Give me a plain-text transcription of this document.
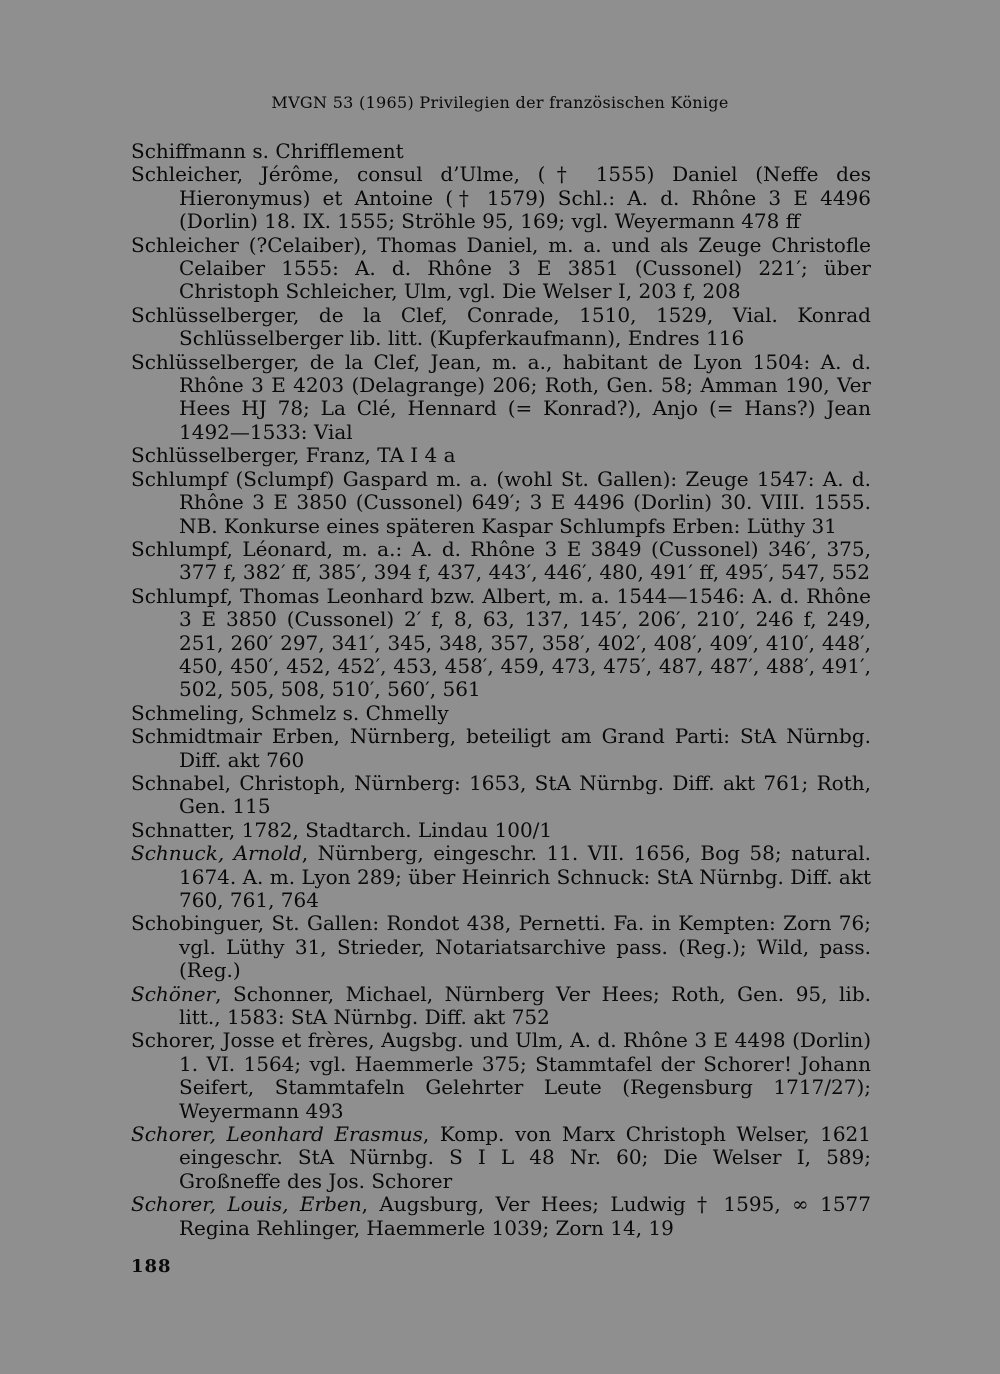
MVGN 53 (1965) Privilegien der französischen Könige

Schiffmann s. Chrifflement

Schleicher, Jérôme, consul d’Ulme, († 1555) Daniel (Neffe des Hieronymus) et Antoine († 1579) Schl.: A. d. Rhône 3 E 4496 (Dorlin) 18. IX. 1555; Ströhle 95, 169; vgl. Weyermann 478 ff

Schleicher (?Celaiber), Thomas Daniel, m. a. und als Zeuge Christofle Celaiber 1555: A. d. Rhône 3 E 3851 (Cussonel) 221′; über Christoph Schleicher, Ulm, vgl. Die Welser I, 203 f, 208

Schlüsselberger, de la Clef, Conrade, 1510, 1529, Vial. Konrad Schlüsselberger lib. litt. (Kupferkaufmann), Endres 116

Schlüsselberger, de la Clef, Jean, m. a., habitant de Lyon 1504: A. d. Rhône 3 E 4203 (Delagrange) 206; Roth, Gen. 58; Amman 190, Ver Hees HJ 78; La Clé, Hennard (= Konrad?), Anjo (= Hans?) Jean 1492—1533: Vial

Schlüsselberger, Franz, TA I 4 a

Schlumpf (Sclumpf) Gaspard m. a. (wohl St. Gallen): Zeuge 1547: A. d. Rhône 3 E 3850 (Cussonel) 649′; 3 E 4496 (Dorlin) 30. VIII. 1555. NB. Konkurse eines späteren Kaspar Schlumpfs Erben: Lüthy 31

Schlumpf, Léonard, m. a.: A. d. Rhône 3 E 3849 (Cussonel) 346′, 375, 377 f, 382′ ff, 385′, 394 f, 437, 443′, 446′, 480, 491′ ff, 495′, 547, 552

Schlumpf, Thomas Leonhard bzw. Albert, m. a. 1544—1546: A. d. Rhône 3 E 3850 (Cussonel) 2′ f, 8, 63, 137, 145′, 206′, 210′, 246 f, 249, 251, 260′ 297, 341′, 345, 348, 357, 358′, 402′, 408′, 409′, 410′, 448′, 450, 450′, 452, 452′, 453, 458′, 459, 473, 475′, 487, 487′, 488′, 491′, 502, 505, 508, 510′, 560′, 561

Schmeling, Schmelz s. Chmelly

Schmidtmair Erben, Nürnberg, beteiligt am Grand Parti: StA Nürnbg. Diff. akt 760

Schnabel, Christoph, Nürnberg: 1653, StA Nürnbg. Diff. akt 761; Roth, Gen. 115

Schnatter, 1782, Stadtarch. Lindau 100/1

Schnuck, Arnold, Nürnberg, eingeschr. 11. VII. 1656, Bog 58; natural. 1674. A. m. Lyon 289; über Heinrich Schnuck: StA Nürnbg. Diff. akt 760, 761, 764

Schobinguer, St. Gallen: Rondot 438, Pernetti. Fa. in Kempten: Zorn 76; vgl. Lüthy 31, Strieder, Notariatsarchive pass. (Reg.); Wild, pass. (Reg.)

Schöner, Schonner, Michael, Nürnberg Ver Hees; Roth, Gen. 95, lib. litt., 1583: StA Nürnbg. Diff. akt 752

Schorer, Josse et frères, Augsbg. und Ulm, A. d. Rhône 3 E 4498 (Dorlin) 1. VI. 1564; vgl. Haemmerle 375; Stammtafel der Schorer! Johann Seifert, Stammtafeln Gelehrter Leute (Regensburg 1717/27); Weyermann 493

Schorer, Leonhard Erasmus, Komp. von Marx Christoph Welser, 1621 eingeschr. StA Nürnbg. S I L 48 Nr. 60; Die Welser I, 589; Großneffe des Jos. Schorer

Schorer, Louis, Erben, Augsburg, Ver Hees; Ludwig † 1595, ∞ 1577 Regina Rehlinger, Haemmerle 1039; Zorn 14, 19

188
